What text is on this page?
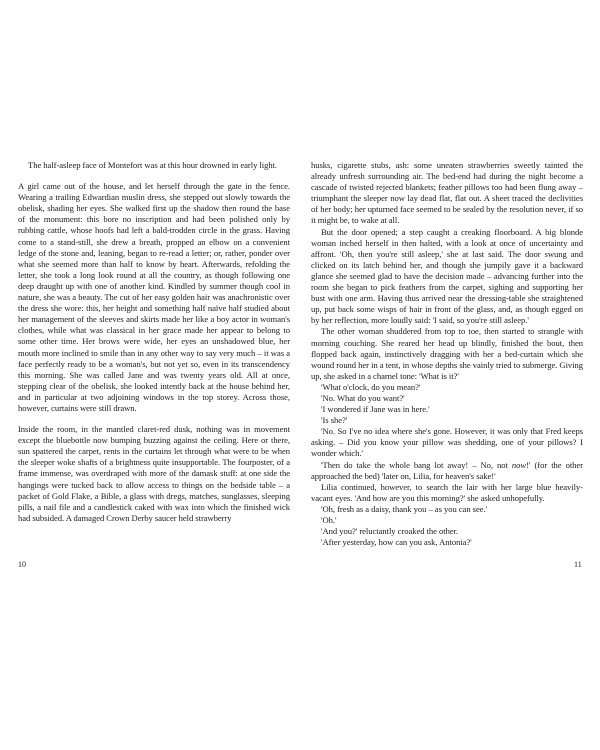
The half-asleep face of Montefort was at this hour drowned in early light.

A girl came out of the house, and let herself through the gate in the fence. Wearing a trailing Edwardian muslin dress, she stepped out slowly towards the obelisk, shading her eyes. She walked first up the shadow then round the base of the monument: this bore no inscription and had been polished only by rubbing cattle, whose hoofs had left a bald-trodden circle in the grass. Having come to a stand-still, she drew a breath, propped an elbow on a convenient ledge of the stone and, leaning, began to re-read a letter; or, rather, ponder over what she seemed more than half to know by heart. Afterwards, refolding the letter, she took a long look round at all the country, as though following one deep draught up with one of another kind. Kindled by summer though cool in nature, she was a beauty. The cut of her easy golden hair was anachronistic over the dress she wore: this, her height and something half naïve half studied about her management of the sleeves and skirts made her like a boy actor in woman's clothes, while what was classical in her grace made her appear to belong to some other time. Her brows were wide, her eyes an unshadowed blue, her mouth more inclined to smile than in any other way to say very much – it was a face perfectly ready to be a woman's, but not yet so, even in its transcendency this morning. She was called Jane and was twenty years old. All at once, stepping clear of the obelisk, she looked intently back at the house behind her, and in particular at two adjoining windows in the top storey. Across those, however, curtains were still drawn.

Inside the room, in the mantled claret-red dusk, nothing was in movement except the bluebottle now bumping buzzing against the ceiling. Here or there, sun spattered the carpet, rents in the curtains let through what were to be when the sleeper woke shafts of a brightness quite insupportable. The fourposter, of a frame immense, was overdraped with more of the damask stuff: at one side the hangings were tucked back to allow access to things on the bedside table – a packet of Gold Flake, a Bible, a glass with dregs, matches, sunglasses, sleeping pills, a nail file and a candlestick caked with wax into which the finished wick had subsided. A damaged Crown Derby saucer held strawberry

10

husks, cigarette stubs, ash: some uneaten strawberries sweetly tainted the already unfresh surrounding air. The bed-end had during the night become a cascade of twisted rejected blankets; feather pillows too had been flung away – triumphant the sleeper now lay dead flat, flat out. A sheet traced the declivities of her body; her upturned face seemed to be sealed by the resolution never, if so it might be, to wake at all.

But the door opened; a step caught a creaking floorboard. A big blonde woman inched herself in then halted, with a look at once of uncertainty and affront. 'Oh, then you're still asleep,' she at last said. The door swung and clicked on its latch behind her, and though she jumpily gave it a backward glance she seemed glad to have the decision made – advancing further into the room she began to pick feathers from the carpet, sighing and supporting her bust with one arm. Having thus arrived near the dressing-table she straightened up, put back some wisps of hair in front of the glass, and, as though egged on by her reflection, more loudly said: 'I said, so you're still asleep.'

The other woman shuddered from top to toe, then started to strangle with morning couching. She reared her head up blindly, finished the bout, then flopped back again, instinctively dragging with her a bed-curtain which she wound round her in a tent, in whose depths she vainly tried to submerge. Giving up, she asked in a charnel tone: 'What is it?'

'What o'clock, do you mean?'

'No. What do you want?'

'I wondered if Jane was in here.'

'Is she?'

'No. So I've no idea where she's gone. However, it was only that Fred keeps asking. – Did you know your pillow was shedding, one of your pillows? I wonder which.'

'Then do take the whole bang lot away! – No, not now!' (for the other approached the bed) 'later on, Lilia, for heaven's sake!'

Lilia continued, however, to search the lair with her large blue heavily-vacant eyes. 'And how are you this morning?' she asked unhopefully.

'Oh, fresh as a daisy, thank you – as you can see.'

'Oh.'

'And you?' reluctantly croaked the other.

'After yesterday, how can you ask, Antonia?'

11
